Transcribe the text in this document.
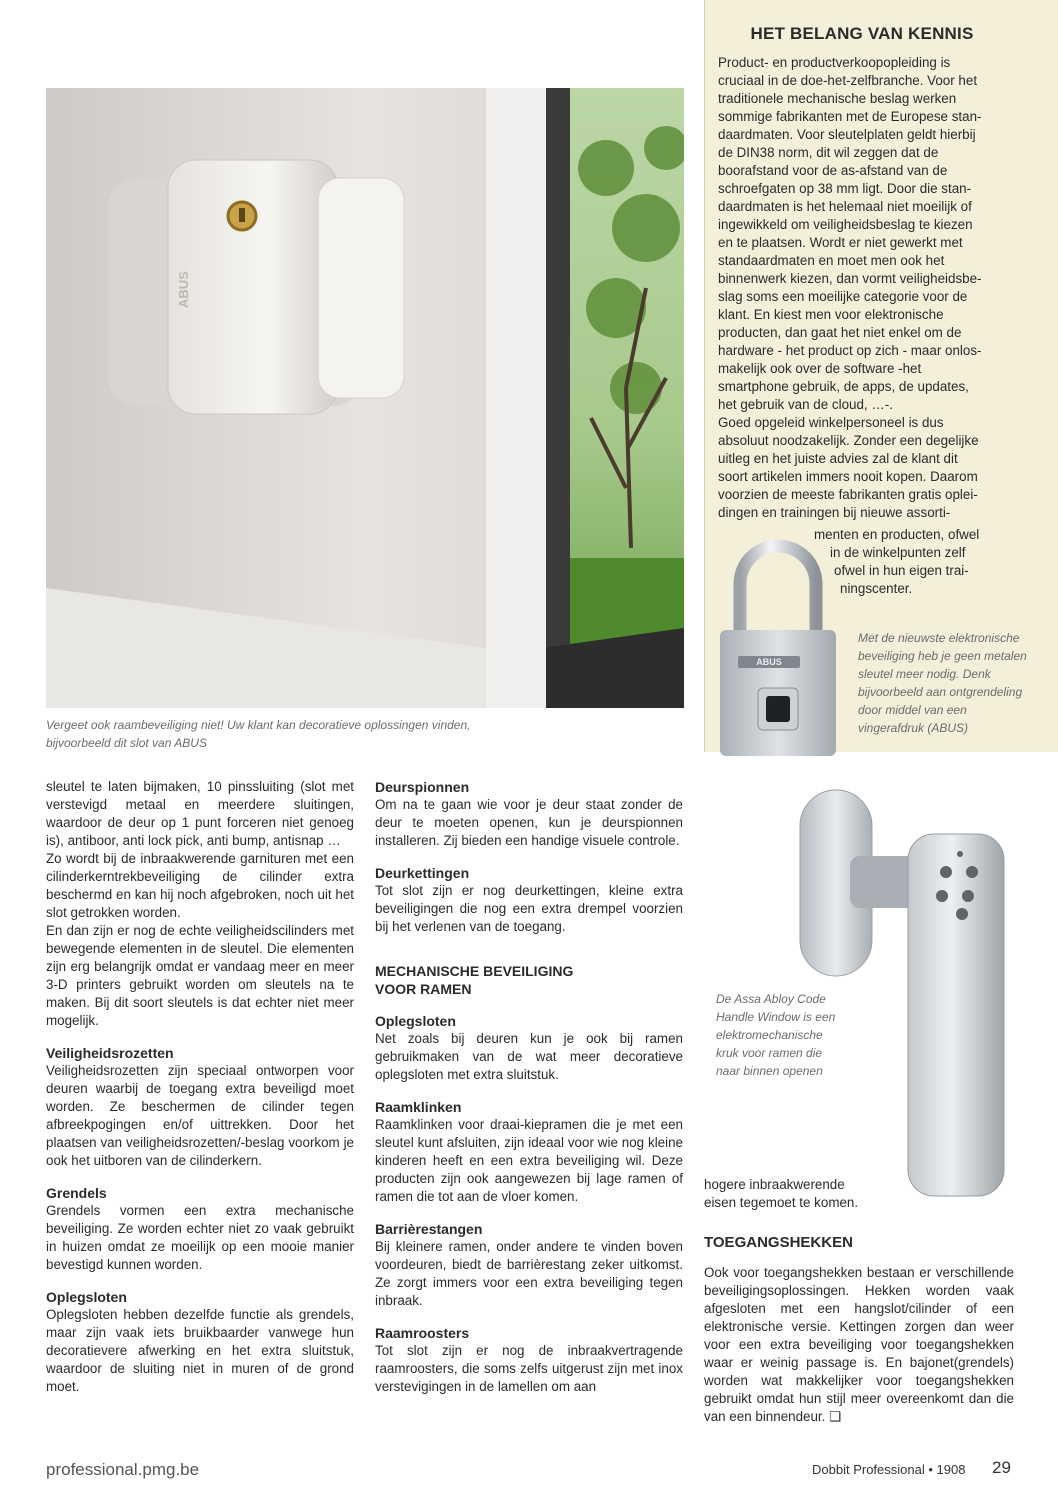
HET BELANG VAN KENNIS

Product- en productverkoopopleiding is

cruciaal in de doe-het-zelfbranche. Voor het

traditionele mechanische beslag werken

sommige fabrikanten met de Europese stan-

daardmaten. Voor sleutelplaten geldt hierbij

de DIN38 norm, dit wil zeggen dat de

boorafstand voor de as-afstand van de

schroefgaten op 38 mm ligt. Door die stan-

daardmaten is het helemaal niet moeilijk of

ingewikkeld om veiligheidsbeslag te kiezen

en te plaatsen. Wordt er niet gewerkt met

standaardmaten en moet men ook het

binnenwerk kiezen, dan vormt veiligheidsbe-

slag soms een moeilijke categorie voor de

klant. En kiest men voor elektronische

producten, dan gaat het niet enkel om de

hardware - het product op zich - maar onlos-

makelijk ook over de software -het

smartphone gebruik, de apps, de updates,

het gebruik van de cloud, …-.

Goed opgeleid winkelpersoneel is dus

absoluut noodzakelijk. Zonder een degelijke

uitleg en het juiste advies zal de klant dit

soort artikelen immers nooit kopen. Daarom

voorzien de meeste fabrikanten gratis oplei-

dingen en trainingen bij nieuwe assorti-

menten en producten, ofwel

in de winkelpunten zelf

ofwel in hun eigen trai-

ningscenter.

ABUS
Met de nieuwste elektronische
beveiliging heb je geen metalen
sleutel meer nodig. Denk
bijvoorbeeld aan ontgrendeling
door middel van een
vingerafdruk (ABUS)
ABUS
Vergeet ook raambeveiliging niet! Uw klant kan decoratieve oplossingen vinden,
bijvoorbeeld dit slot van ABUS

sleutel te laten bijmaken, 10 pinssluiting (slot met verstevigd metaal en meerdere sluitingen, waardoor de deur op 1 punt forceren niet genoeg is), antiboor, anti lock pick, anti bump, antisnap …

Zo wordt bij de inbraakwerende garnituren met een cilinderkerntrekbeveiliging de cilinder extra beschermd en kan hij noch afgebroken, noch uit het slot getrokken worden.

En dan zijn er nog de echte veiligheidscilinders met bewegende elementen in de sleutel. Die elementen zijn erg belangrijk omdat er vandaag meer en meer 3-D printers gebruikt worden om sleutels na te maken. Bij dit soort sleutels is dat echter niet meer mogelijk.

Veiligheidsrozetten

Veiligheidsrozetten zijn speciaal ontworpen voor deuren waarbij de toegang extra beveiligd moet worden. Ze beschermen de cilinder tegen afbreekpogingen en/of uittrekken. Door het plaatsen van veiligheidsrozetten/-beslag voorkom je ook het uitboren van de cilinderkern.

Grendels

Grendels vormen een extra mechanische beveiliging. Ze worden echter niet zo vaak gebruikt in huizen omdat ze moeilijk op een mooie manier bevestigd kunnen worden.

Oplegsloten

Oplegsloten hebben dezelfde functie als grendels, maar zijn vaak iets bruikbaarder vanwege hun decoratievere afwerking en het extra sluitstuk, waardoor de sluiting niet in muren of de grond moet.

Deurspionnen

Om na te gaan wie voor je deur staat zonder de deur te moeten openen, kun je deurspionnen installeren. Zij bieden een handige visuele controle.

Deurkettingen

Tot slot zijn er nog deurkettingen, kleine extra beveiligingen die nog een extra drempel voorzien bij het verlenen van de toegang.

MECHANISCHE BEVEILIGING
VOOR RAMEN
Oplegsloten

Net zoals bij deuren kun je ook bij ramen gebruikmaken van de wat meer decoratieve oplegsloten met extra sluitstuk.

Raamklinken

Raamklinken voor draai-kiepramen die je met een sleutel kunt afsluiten, zijn ideaal voor wie nog kleine kinderen heeft en een extra beveiliging wil. Deze producten zijn ook aangewezen bij lage ramen of ramen die tot aan de vloer komen.

Barrièrestangen

Bij kleinere ramen, onder andere te vinden boven voordeuren, biedt de barrièrestang zeker uitkomst. Ze zorgt immers voor een extra beveiliging tegen inbraak.

Raamroosters

Tot slot zijn er nog de inbraakvertragende raamroosters, die soms zelfs uitgerust zijn met inox verstevigingen in de lamellen om aan

De Assa Abloy Code
Handle Window is een
elektromechanische
kruk voor ramen die
naar binnen openen
hogere inbraakwerende
eisen tegemoet te komen.
TOEGANGSHEKKEN

Ook voor toegangshekken bestaan er verschillende beveiligingsoplossingen. Hekken worden vaak afgesloten met een hangslot/cilinder of een elektronische versie. Kettingen zorgen dan weer voor een extra beveiliging voor toegangshekken waar er weinig passage is. En bajonet(grendels) worden wat makkelijker voor toegangshekken gebruikt omdat hun stijl meer overeenkomt dan die van een binnendeur. ❑

professional.pmg.be	Dobbit Professional • 1908 29
